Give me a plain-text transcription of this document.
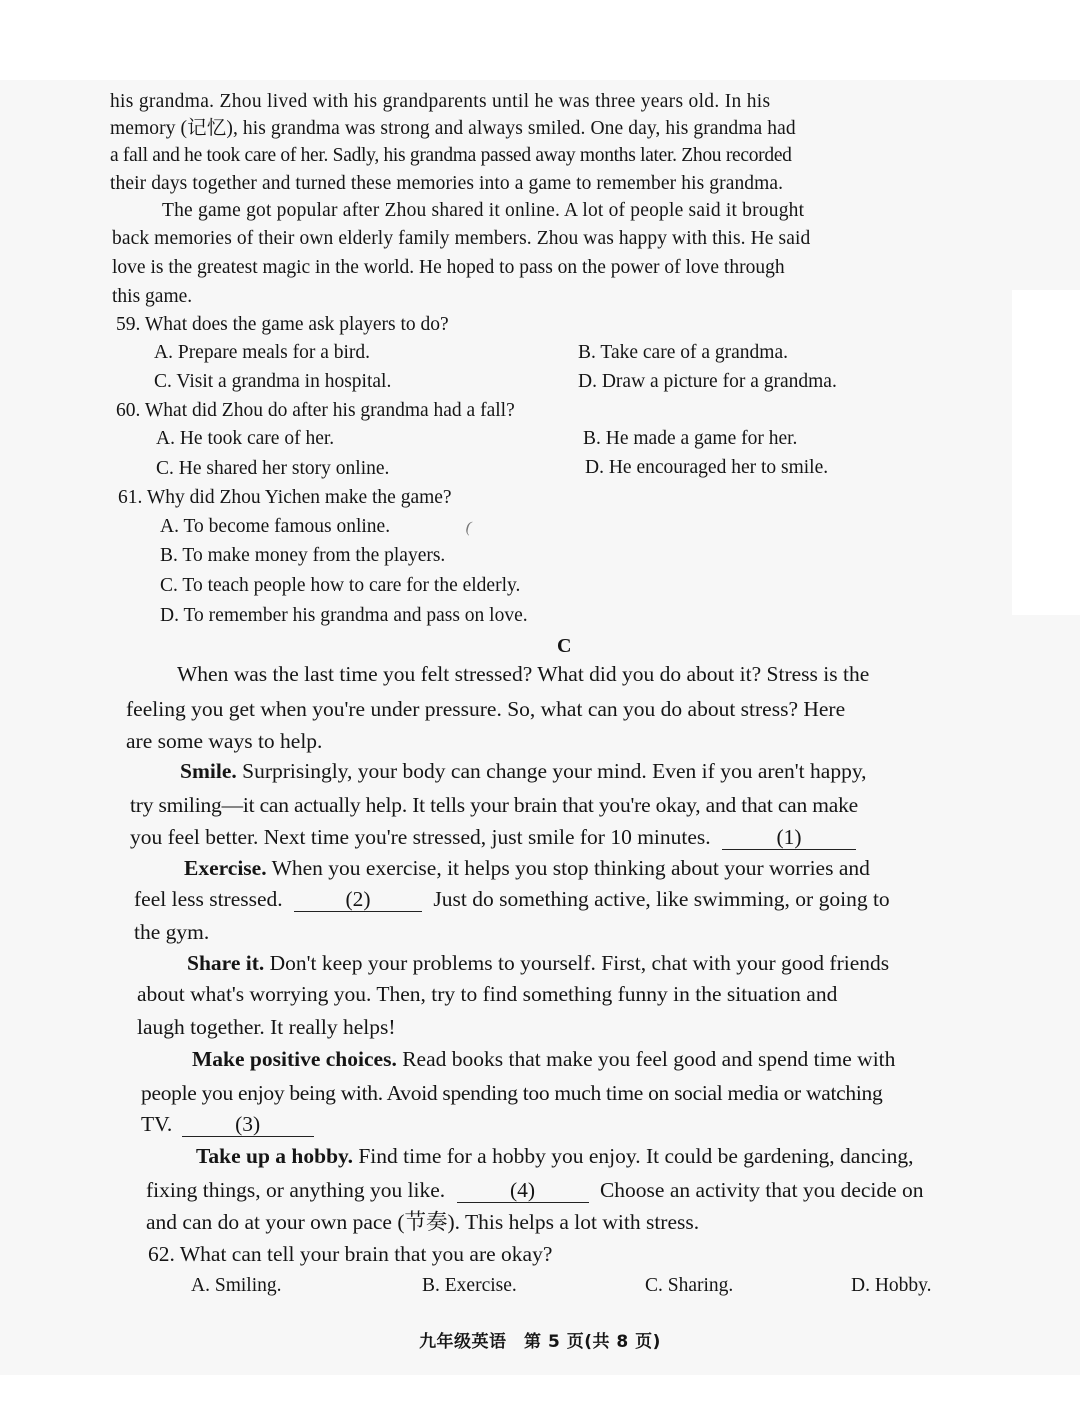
his grandma. Zhou lived with his grandparents until he was three years old. In his
memory (记忆), his grandma was strong and always smiled. One day, his grandma had
a fall and he took care of her. Sadly, his grandma passed away months later. Zhou recorded
their days together and turned these memories into a game to remember his grandma.
The game got popular after Zhou shared it online. A lot of people said it brought
back memories of their own elderly family members. Zhou was happy with this. He said
love is the greatest magic in the world. He hoped to pass on the power of love through
this game.
59. What does the game ask players to do?
A. Prepare meals for a bird.	B. Take care of a grandma.
C. Visit a grandma in hospital.	D. Draw a picture for a grandma.
60. What did Zhou do after his grandma had a fall?
A. He took care of her.	B. He made a game for her.
C. He shared her story online.	D. He encouraged her to smile.
61. Why did Zhou Yichen make the game?
A. To become famous online.	(
B. To make money from the players.
C. To teach people how to care for the elderly.
D. To remember his grandma and pass on love.
C
When was the last time you felt stressed? What did you do about it? Stress is the
feeling you get when you're under pressure. So, what can you do about stress? Here
are some ways to help.
Smile. Surprisingly, your body can change your mind. Even if you aren't happy,
try smiling—it can actually help. It tells your brain that you're okay, and that can make
you feel better. Next time you're stressed, just smile for 10 minutes.	(1)
Exercise. When you exercise, it helps you stop thinking about your worries and
feel less stressed.	(2)	Just do something active, like swimming, or going to
the gym.
Share it. Don't keep your problems to yourself. First, chat with your good friends
about what's worrying you. Then, try to find something funny in the situation and
laugh together. It really helps!
Make positive choices. Read books that make you feel good and spend time with
people you enjoy being with. Avoid spending too much time on social media or watching
TV.	(3)
Take up a hobby. Find time for a hobby you enjoy. It could be gardening, dancing,
fixing things, or anything you like.	(4)	Choose an activity that you decide on
and can do at your own pace (节奏). This helps a lot with stress.
62. What can tell your brain that you are okay?
A. Smiling.	B. Exercise.	C. Sharing.	D. Hobby.
九年级英语　第 5 页(共 8 页)
